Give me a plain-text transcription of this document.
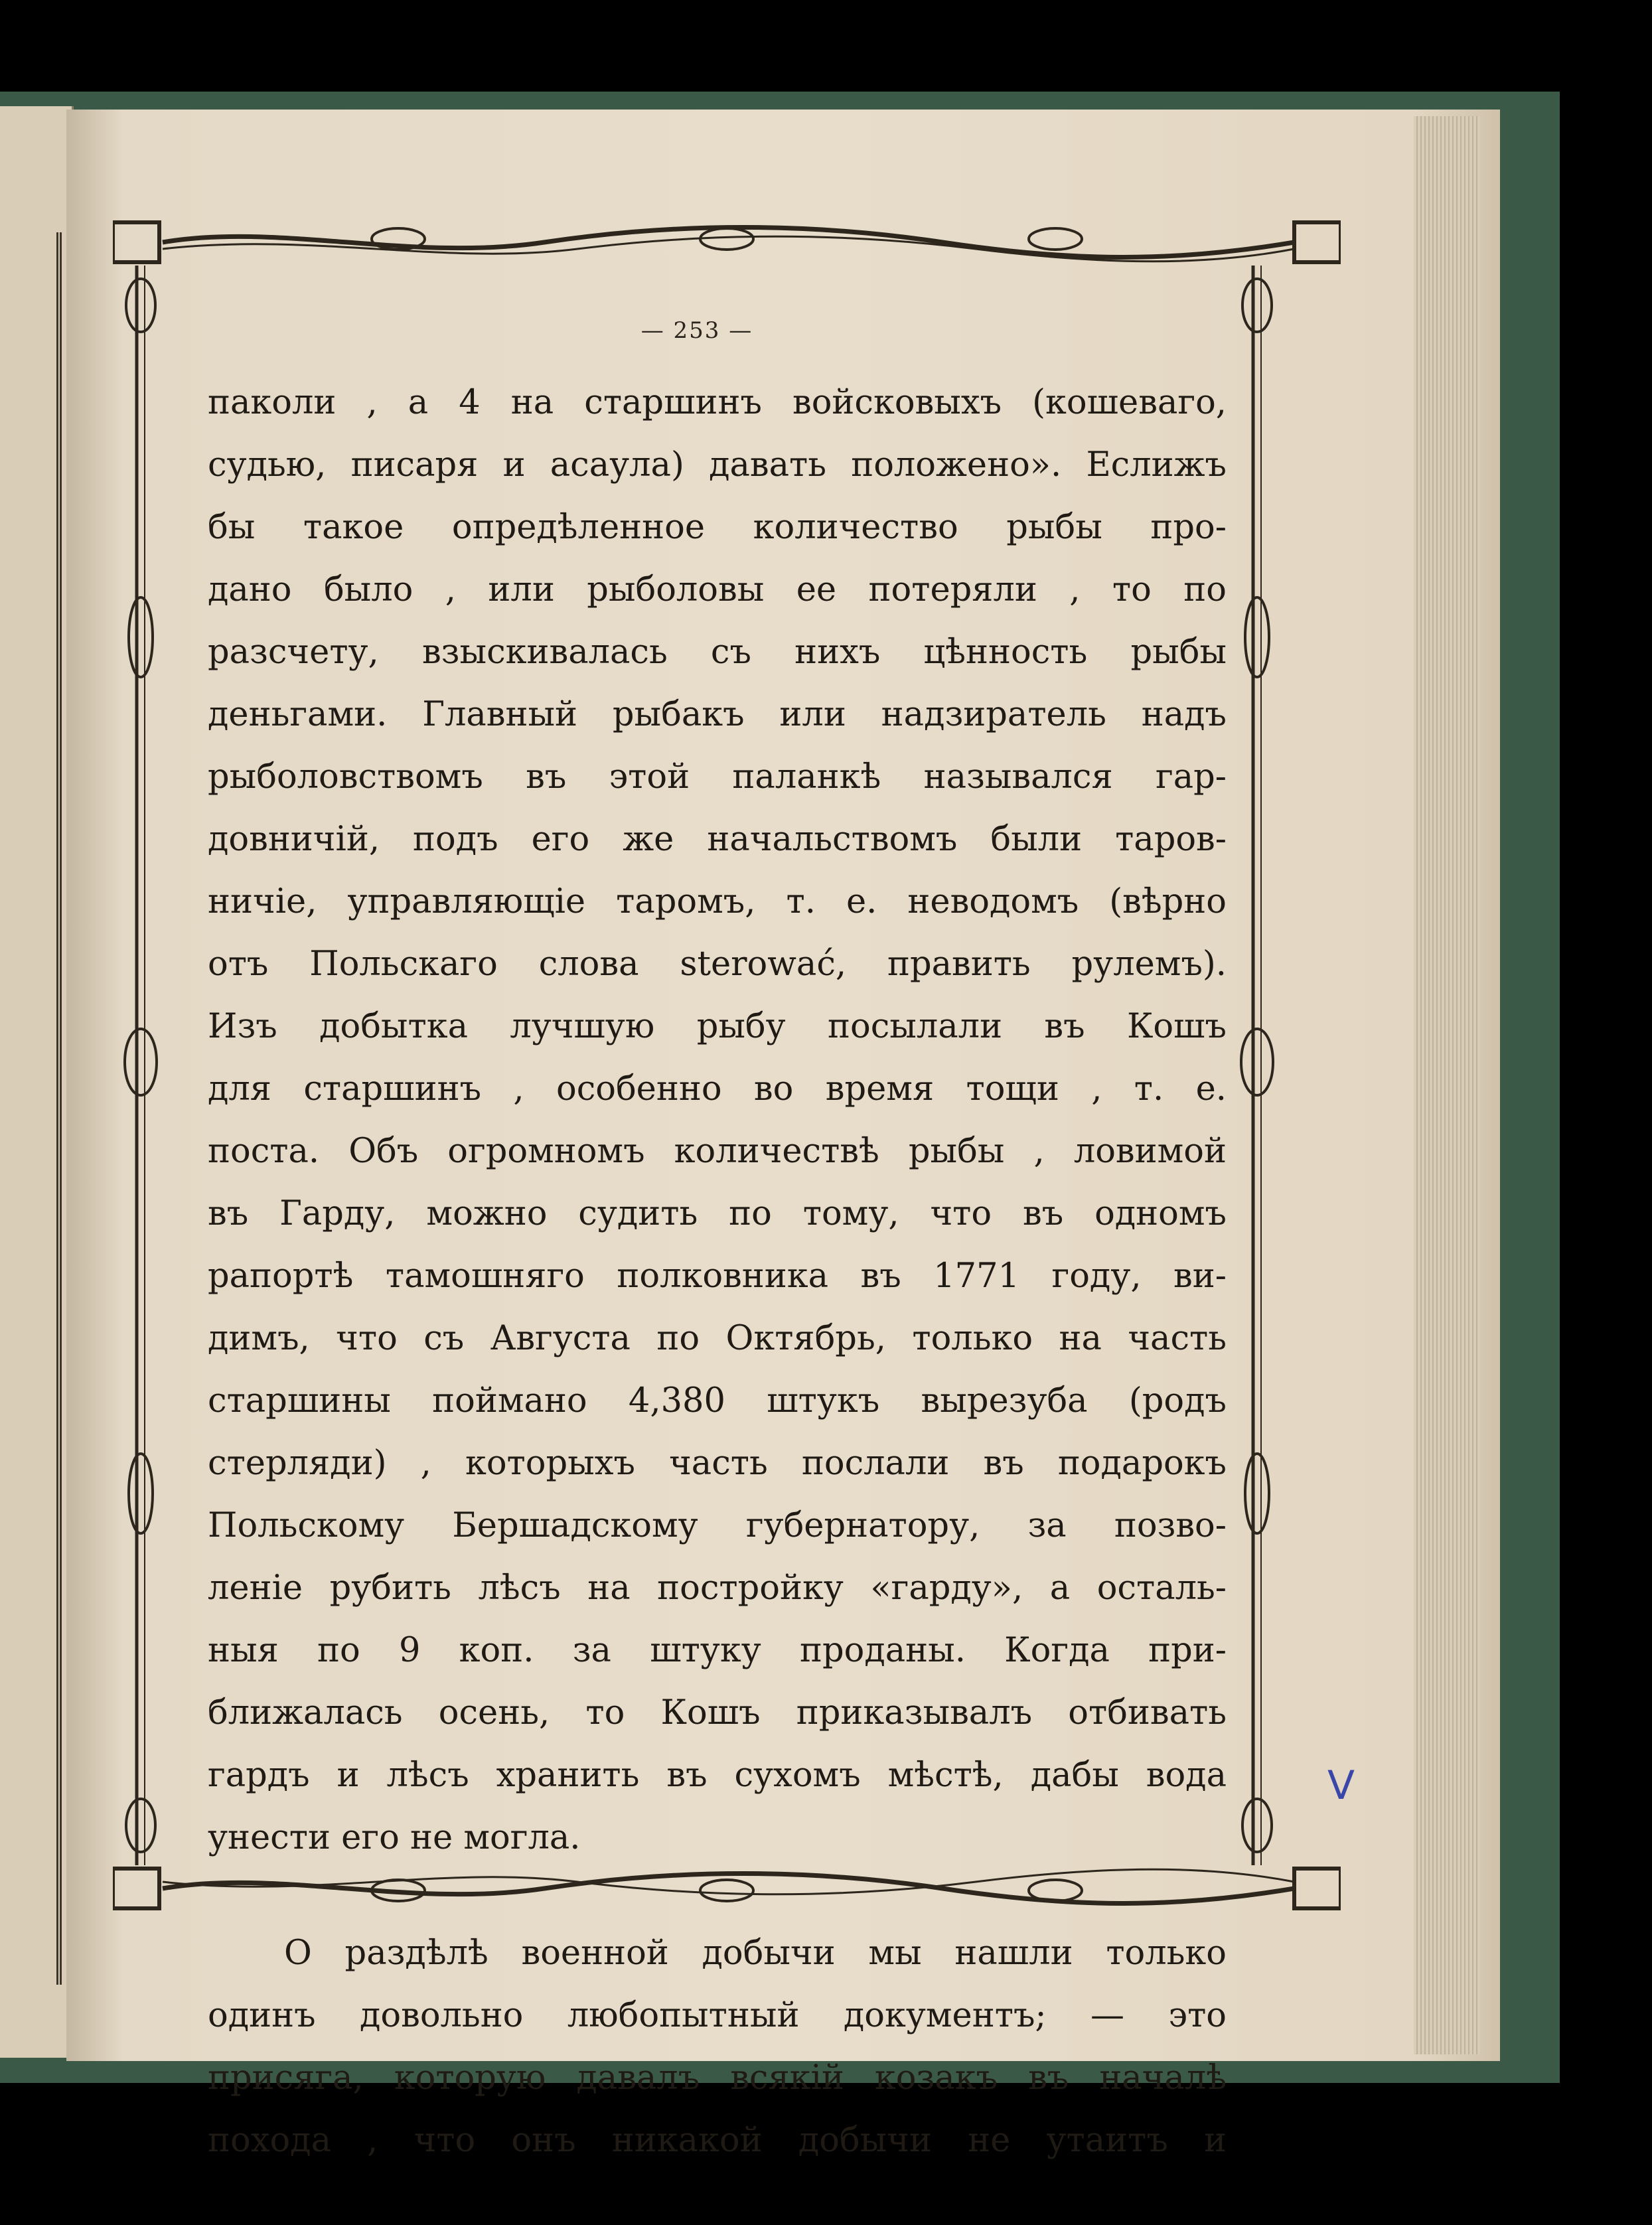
— 253 —
паколи , а 4 на старшинъ войсковыхъ (кошеваго,
судью, писаря и асаула) давать положено». Еслижъ
бы такое опредѣленное количество рыбы про-
дано было , или рыболовы ее потеряли , то по
разсчету, взыскивалась съ нихъ цѣнность рыбы
деньгами. Главный рыбакъ или надзиратель надъ
рыболовствомъ въ этой паланкѣ назывался гар-
довничій, подъ его же начальствомъ были таров-
ничіе, управляющіе таромъ, т. е. неводомъ (вѣрно
отъ Польскаго слова sterować, править рулемъ).
Изъ добытка лучшую рыбу посылали въ Кошъ
для старшинъ , особенно во время тощи , т. е.
поста. Объ огромномъ количествѣ рыбы , ловимой
въ Гарду, можно судить по тому, что въ одномъ
рапортѣ тамошняго полковника въ 1771 году, ви-
димъ, что съ Августа по Октябрь, только на часть
старшины поймано 4,380 штукъ вырезуба (родъ
стерляди) , которыхъ часть послали въ подарокъ
Польскому Бершадскому губернатору, за позво-
леніе рубить лѣсъ на постройку «гарду», а осталь-
ныя по 9 коп. за штуку проданы. Когда при-
ближалась осень, то Кошъ приказывалъ отбивать
гардъ и лѣсъ хранить въ сухомъ мѣстѣ, дабы вода
унести его не могла.
О раздѣлѣ военной добычи мы нашли только
одинъ довольно любопытный документъ; — это
присяга, которую давалъ всякій козакъ въ началѣ
похода , что онъ никакой добычи не утаитъ и
V
